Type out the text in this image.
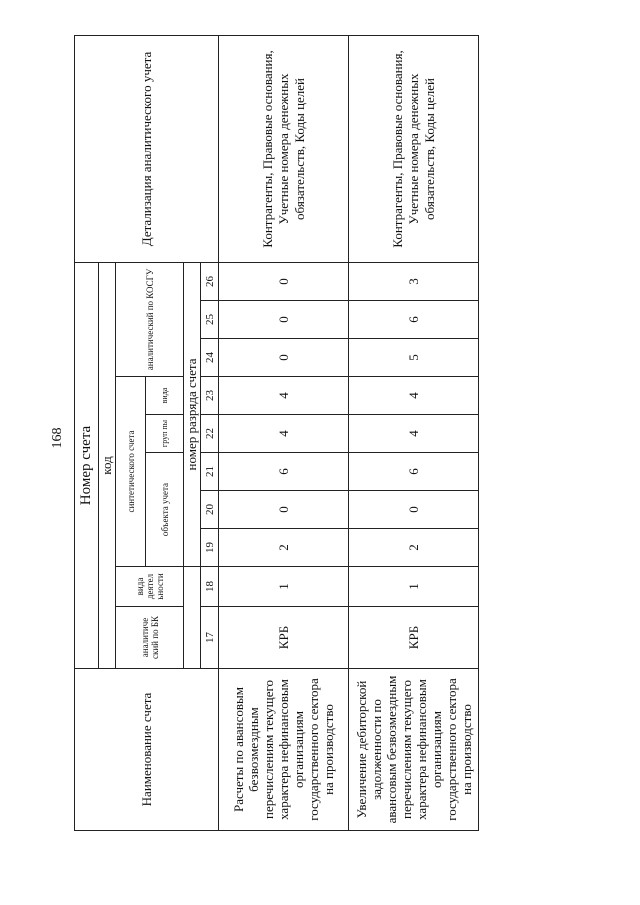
168
Наименование счета	Номер счета										Детализация аналитического учета
	код										
	аналитиче ский по БК	вида деятел ьности	синтетического счета					аналитический по КОСГУ			
			объекта учета			груп пы	вида				
			номер разряда счета								
	17	18	19	20	21	22	23	24	25	26	
Расчеты по авансовым безвозмездным перечислениям текущего характера нефинансовым организациям государственного сектора на производство	КРБ	1	2	0	6	4	4	0	0	0	Контрагенты, Правовые основания, Учетные номера денежных обязательств, Коды целей
Увеличение дебиторской задолженности по авансовым безвозмездным перечислениям текущего характера нефинансовым организациям государственного сектора на производство	КРБ	1	2	0	6	4	4	5	6	3	Контрагенты, Правовые основания, Учетные номера денежных обязательств, Коды целей
